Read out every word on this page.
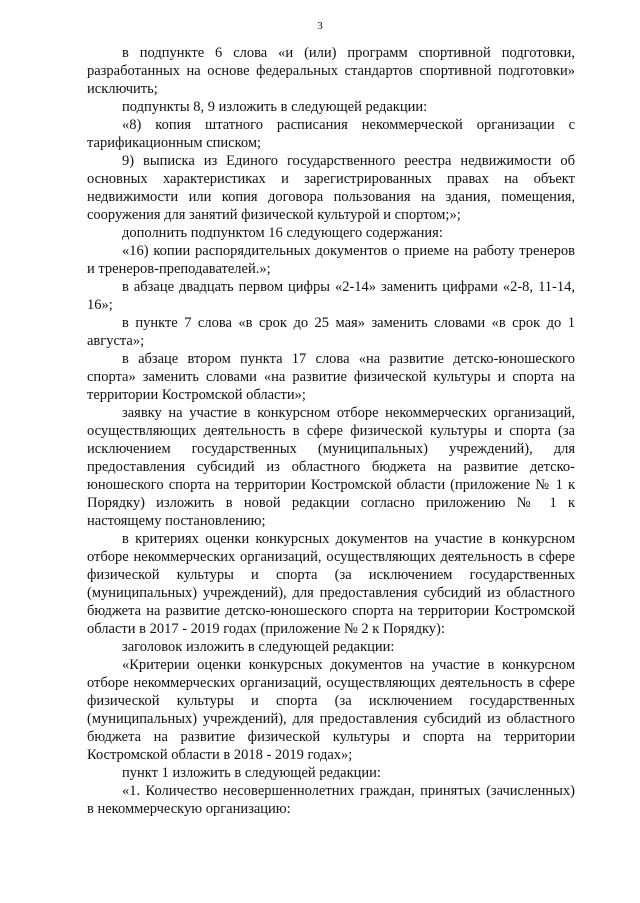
3

в подпункте 6 слова «и (или) программ спортивной подготовки, разработанных на основе федеральных стандартов спортивной подготовки» исключить;

подпункты 8, 9 изложить в следующей редакции:

«8) копия штатного расписания некоммерческой организации с тарификационным списком;

9) выписка из Единого государственного реестра недвижимости об основных характеристиках и зарегистрированных правах на объект недвижимости или копия договора пользования на здания, помещения, сооружения для занятий физической культурой и спортом;»;

дополнить подпунктом 16 следующего содержания:

«16) копии распорядительных документов о приеме на работу тренеров и тренеров-преподавателей.»;

в абзаце двадцать первом цифры «2-14» заменить цифрами «2-8, 11-14, 16»;

в пункте 7 слова «в срок до 25 мая» заменить словами «в срок до 1 августа»;

в абзаце втором пункта 17 слова «на развитие детско-юношеского спорта» заменить словами «на развитие физической культуры и спорта на территории Костромской области»;

заявку на участие в конкурсном отборе некоммерческих организаций, осуществляющих деятельность в сфере физической культуры и спорта (за исключением государственных (муниципальных) учреждений), для предоставления субсидий из областного бюджета на развитие детско-юношеского спорта на территории Костромской области (приложение № 1 к Порядку) изложить в новой редакции согласно приложению № 1 к настоящему постановлению;

в критериях оценки конкурсных документов на участие в конкурсном отборе некоммерческих организаций, осуществляющих деятельность в сфере физической культуры и спорта (за исключением государственных (муниципальных) учреждений), для предоставления субсидий из областного бюджета на развитие детско-юношеского спорта на территории Костромской области в 2017 - 2019 годах (приложение № 2 к Порядку):

заголовок изложить в следующей редакции:

«Критерии оценки конкурсных документов на участие в конкурсном отборе некоммерческих организаций, осуществляющих деятельность в сфере физической культуры и спорта (за исключением государственных (муниципальных) учреждений), для предоставления субсидий из областного бюджета на развитие физической культуры и спорта на территории Костромской области в 2018 - 2019 годах»;

пункт 1 изложить в следующей редакции:

«1. Количество несовершеннолетних граждан, принятых (зачисленных) в некоммерческую организацию:
